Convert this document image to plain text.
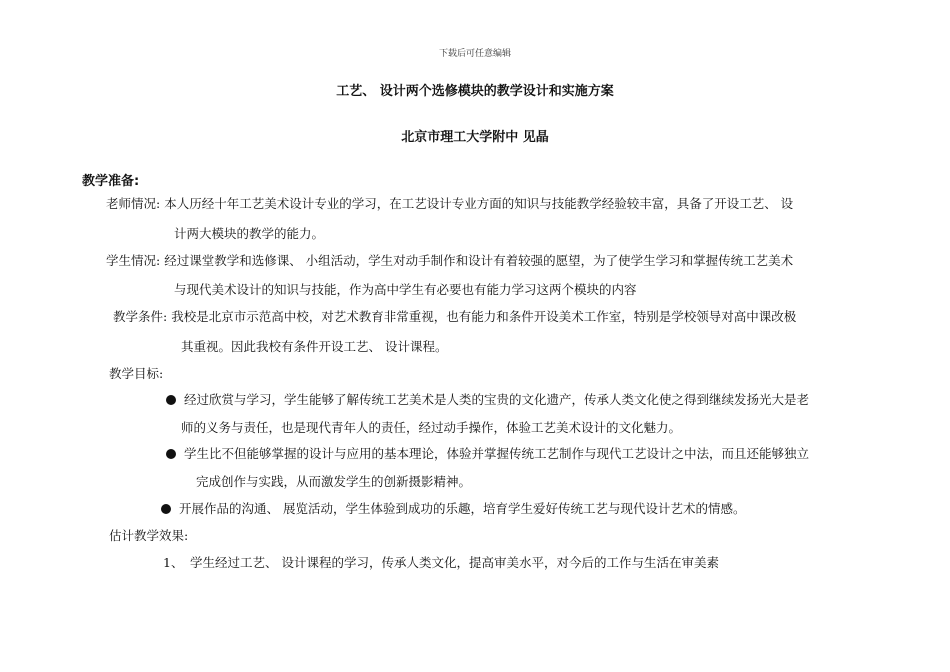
下载后可任意编辑
工艺、 设计两个选修模块的教学设计和实施方案
北京市理工大学附中 见晶
教学准备:
老师情况: 本人历经十年工艺美术设计专业的学习，在工艺设计专业方面的知识与技能教学经验较丰富，具备了开设工艺、 设
计两大模块的教学的能力。
学生情况: 经过课堂教学和选修课、 小组活动，学生对动手制作和设计有着较强的愿望，为了使学生学习和掌握传统工艺美术
与现代美术设计的知识与技能，作为高中学生有必要也有能力学习这两个模块的内容
教学条件: 我校是北京市示范高中校，对艺术教育非常重视，也有能力和条件开设美术工作室，特别是学校领导对高中课改极
其重视。因此我校有条件开设工艺、 设计课程。
教学目标:
经过欣赏与学习，学生能够了解传统工艺美术是人类的宝贵的文化遗产，传承人类文化使之得到继续发扬光大是老
师的义务与责任，也是现代青年人的责任，经过动手操作，体验工艺美术设计的文化魅力。
学生比不但能够掌握的设计与应用的基本理论，体验并掌握传统工艺制作与现代工艺设计之中法，而且还能够独立
完成创作与实践，从而激发学生的创新摄影精神。
开展作品的沟通、 展览活动，学生体验到成功的乐趣，培育学生爱好传统工艺与现代设计艺术的情感。
估计教学效果:
1、 学生经过工艺、 设计课程的学习，传承人类文化，提高审美水平，对今后的工作与生活在审美素
